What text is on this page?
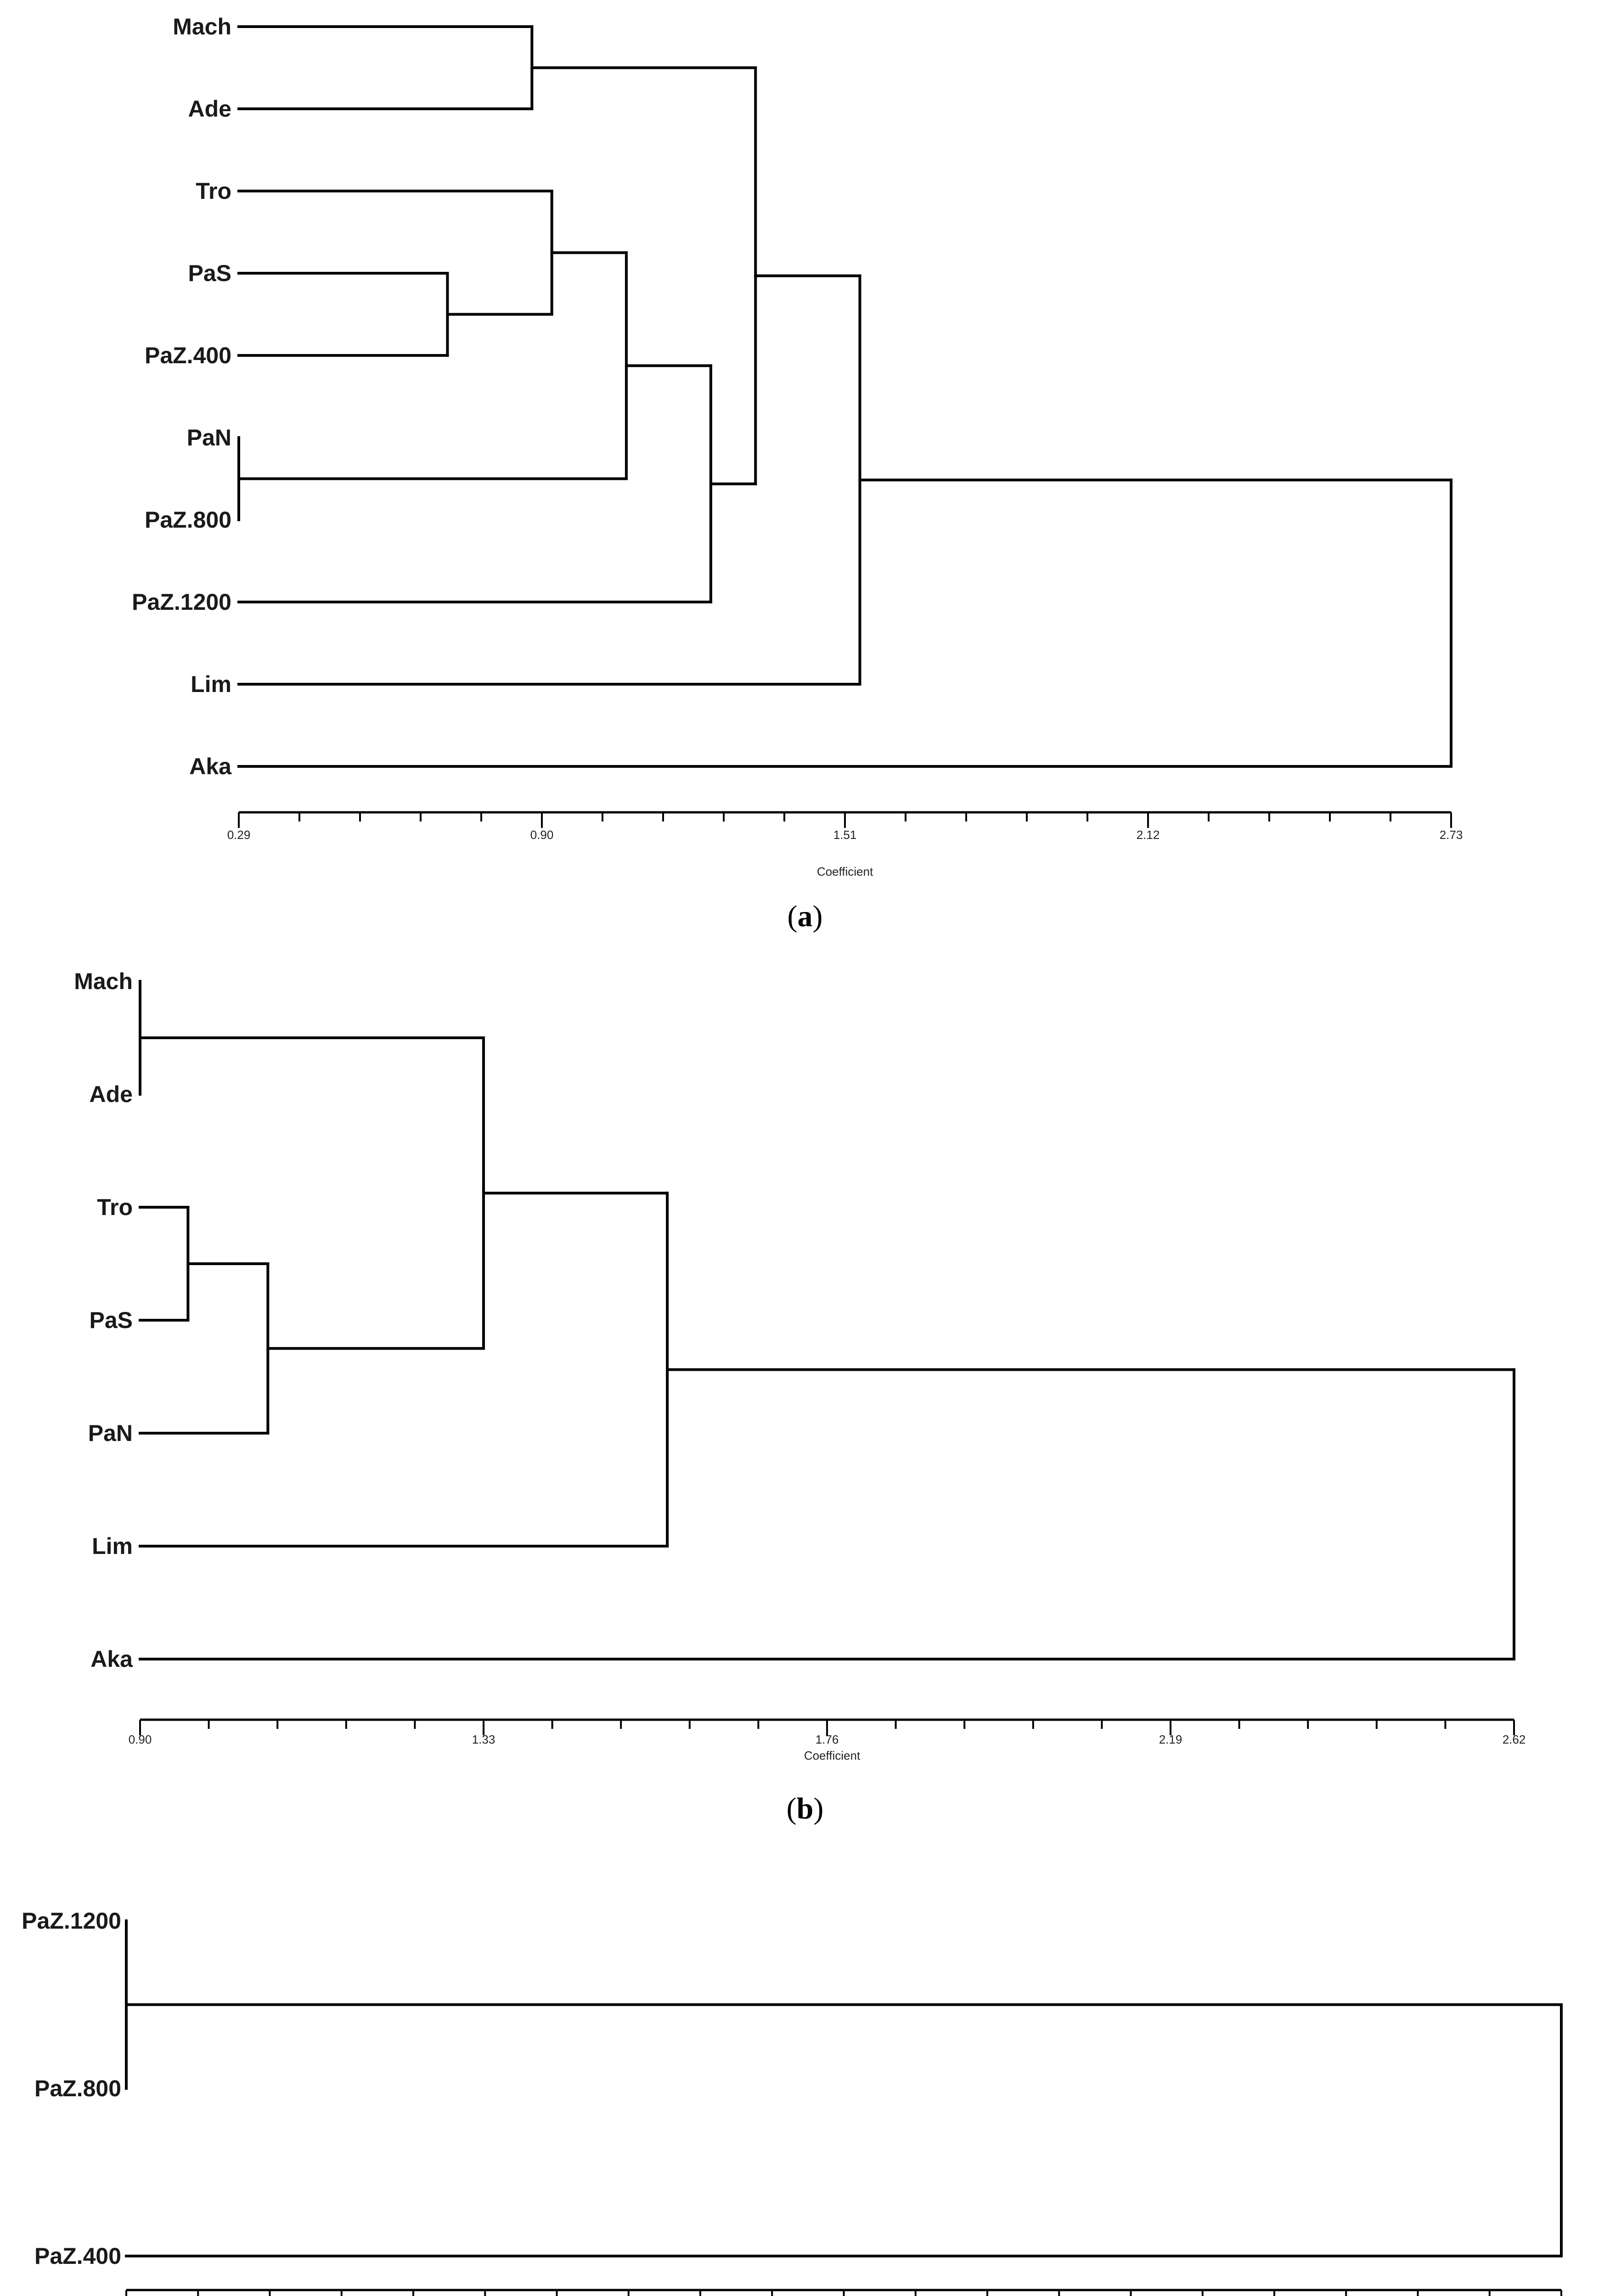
Mach
Ade
Tro
PaS
PaZ.400
PaN
PaZ.800
PaZ.1200
Lim
Aka
0.29	0.90	1.51	2.12	2.73
Coefficient
(a)
Mach
Ade
Tro
PaS
PaN
Lim
Aka
0.90	1.33	1.76	2.19	2.62
Coefficient
(b)
PaZ.1200
PaZ.800
PaZ.400
